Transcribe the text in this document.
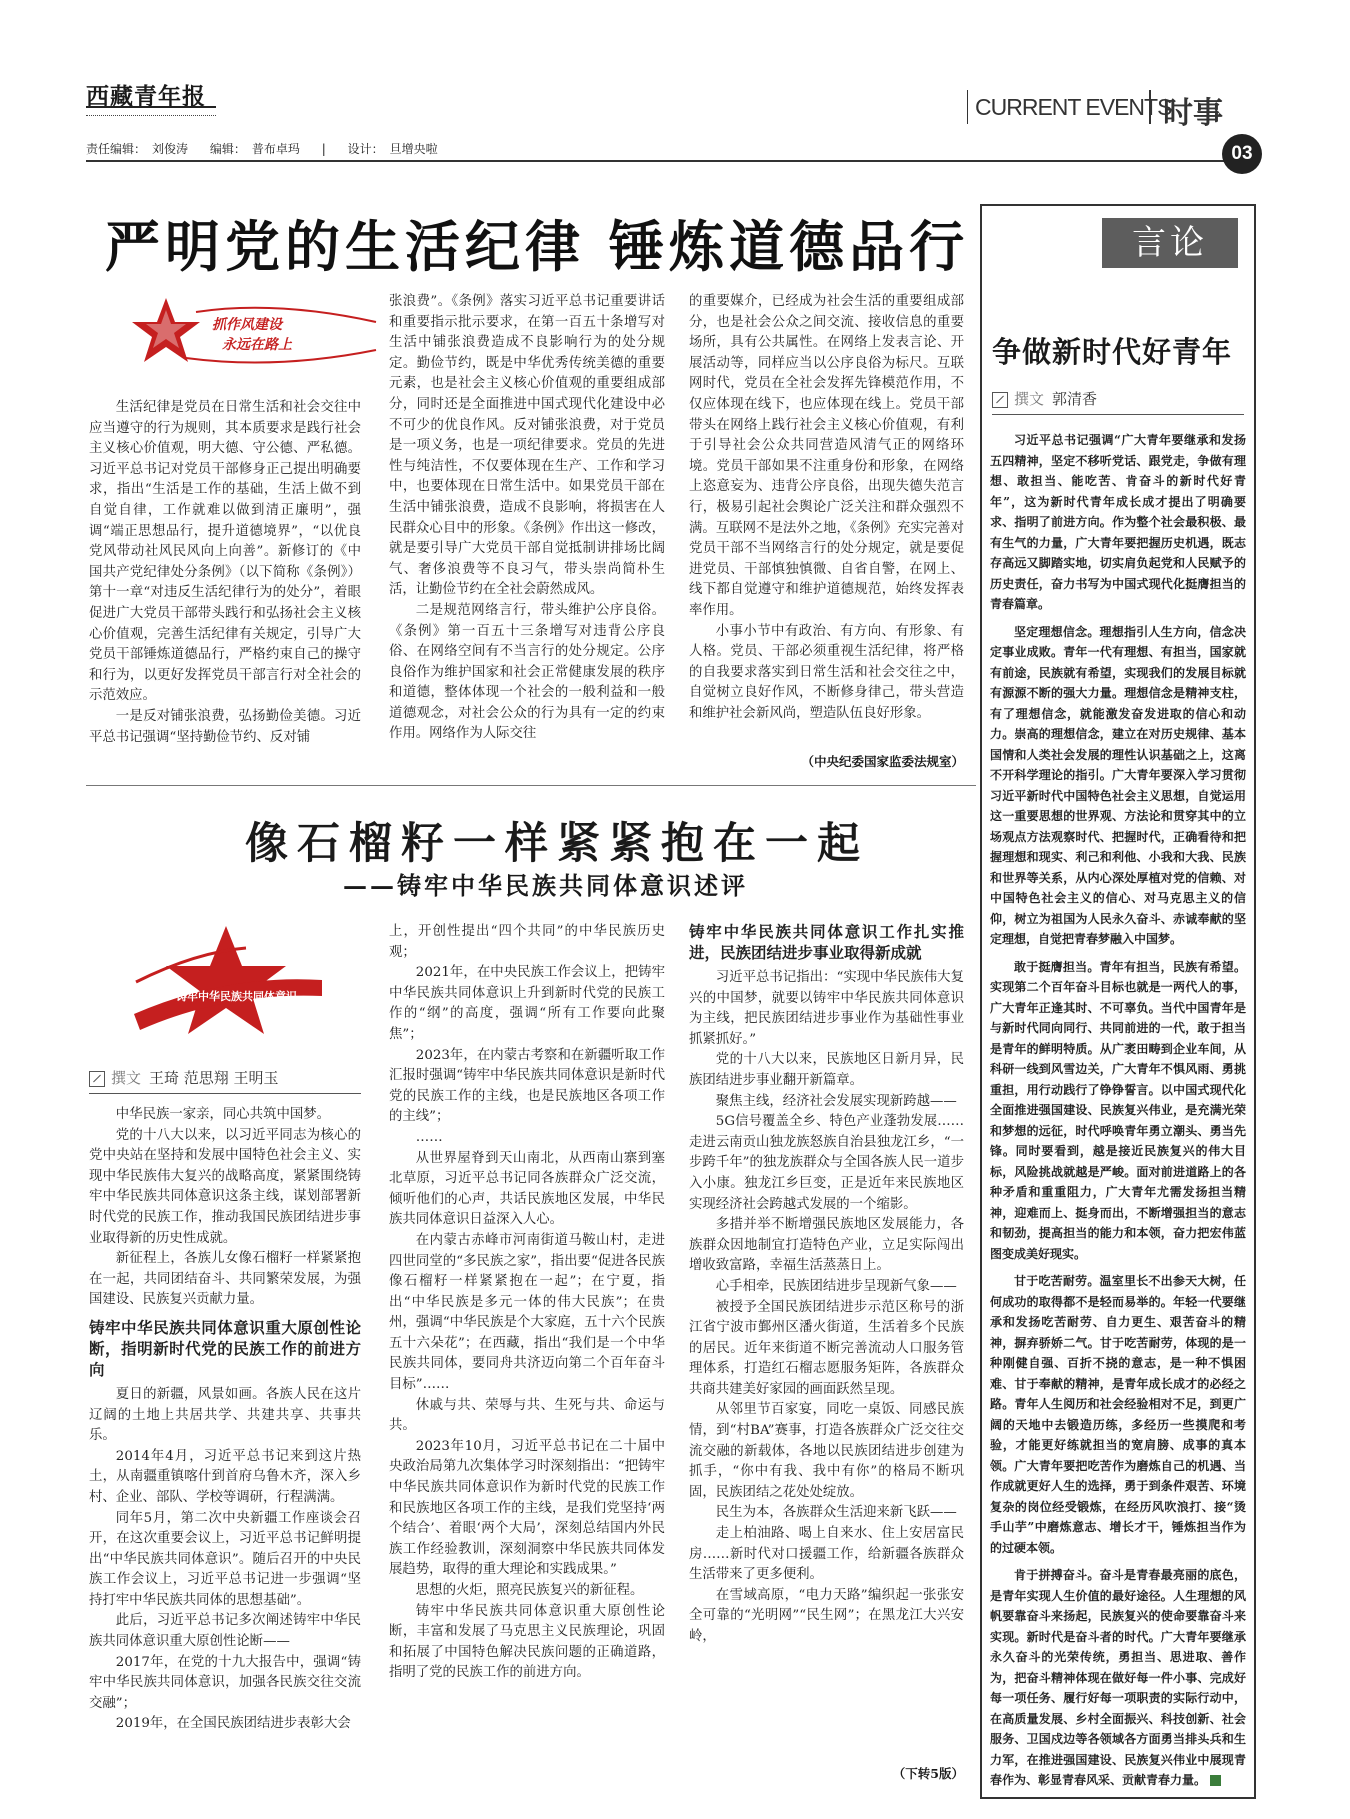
西藏青年报
责任编辑： 刘俊涛 编辑： 普布卓玛 | 设计： 旦增央啦
CURRENT EVENTS
时事
03
严明党的生活纪律 锤炼道德品行
抓作风建设
永远在路上

生活纪律是党员在日常生活和社会交往中应当遵守的行为规则，其本质要求是践行社会主义核心价值观，明大德、守公德、严私德。习近平总书记对党员干部修身正己提出明确要求，指出“生活是工作的基础，生活上做不到自觉自律，工作就难以做到清正廉明”，强调“端正思想品行，提升道德境界”，“以优良党风带动社风民风向上向善”。新修订的《中国共产党纪律处分条例》（以下简称《条例》）第十一章“对违反生活纪律行为的处分”，着眼促进广大党员干部带头践行和弘扬社会主义核心价值观，完善生活纪律有关规定，引导广大党员干部锤炼道德品行，严格约束自己的操守和行为，以更好发挥党员干部言行对全社会的示范效应。

一是反对铺张浪费，弘扬勤俭美德。习近平总书记强调“坚持勤俭节约、反对铺

张浪费”。《条例》落实习近平总书记重要讲话和重要指示批示要求，在第一百五十条增写对生活中铺张浪费造成不良影响行为的处分规定。勤俭节约，既是中华优秀传统美德的重要元素，也是社会主义核心价值观的重要组成部分，同时还是全面推进中国式现代化建设中必不可少的优良作风。反对铺张浪费，对于党员是一项义务，也是一项纪律要求。党员的先进性与纯洁性，不仅要体现在生产、工作和学习中，也要体现在日常生活中。如果党员干部在生活中铺张浪费，造成不良影响，将损害在人民群众心目中的形象。《条例》作出这一修改，就是要引导广大党员干部自觉抵制讲排场比阔气、奢侈浪费等不良习气，带头崇尚简朴生活，让勤俭节约在全社会蔚然成风。

二是规范网络言行，带头维护公序良俗。《条例》第一百五十三条增写对违背公序良俗、在网络空间有不当言行的处分规定。公序良俗作为维护国家和社会正常健康发展的秩序和道德，整体体现一个社会的一般利益和一般道德观念，对社会公众的行为具有一定的约束作用。网络作为人际交往

的重要媒介，已经成为社会生活的重要组成部分，也是社会公众之间交流、接收信息的重要场所，具有公共属性。在网络上发表言论、开展活动等，同样应当以公序良俗为标尺。互联网时代，党员在全社会发挥先锋模范作用，不仅应体现在线下，也应体现在线上。党员干部带头在网络上践行社会主义核心价值观，有利于引导社会公众共同营造风清气正的网络环境。党员干部如果不注重身份和形象，在网络上恣意妄为、违背公序良俗，出现失德失范言行，极易引起社会舆论广泛关注和群众强烈不满。互联网不是法外之地，《条例》充实完善对党员干部不当网络言行的处分规定，就是要促进党员、干部慎独慎微、自省自警，在网上、线下都自觉遵守和维护道德规范，始终发挥表率作用。

小事小节中有政治、有方向、有形象、有人格。党员、干部必须重视生活纪律，将严格的自我要求落实到日常生活和社会交往之中，自觉树立良好作风，不断修身律己，带头营造和维护社会新风尚，塑造队伍良好形象。

（中央纪委国家监委法规室）
像石榴籽一样紧紧抱在一起
——铸牢中华民族共同体意识述评
铸牢中华民族共同体意识
撰文 王琦 范思翔 王明玉

中华民族一家亲，同心共筑中国梦。

党的十八大以来，以习近平同志为核心的党中央站在坚持和发展中国特色社会主义、实现中华民族伟大复兴的战略高度，紧紧围绕铸牢中华民族共同体意识这条主线，谋划部署新时代党的民族工作，推动我国民族团结进步事业取得新的历史性成就。

新征程上，各族儿女像石榴籽一样紧紧抱在一起，共同团结奋斗、共同繁荣发展，为强国建设、民族复兴贡献力量。

铸牢中华民族共同体意识重大原创性论断，指明新时代党的民族工作的前进方向

夏日的新疆，风景如画。各族人民在这片辽阔的土地上共居共学、共建共享、共事共乐。

2014年4月，习近平总书记来到这片热土，从南疆重镇喀什到首府乌鲁木齐，深入乡村、企业、部队、学校等调研，行程满满。

同年5月，第二次中央新疆工作座谈会召开，在这次重要会议上，习近平总书记鲜明提出“中华民族共同体意识”。随后召开的中央民族工作会议上，习近平总书记进一步强调“坚持打牢中华民族共同体的思想基础”。

此后，习近平总书记多次阐述铸牢中华民族共同体意识重大原创性论断——

2017年，在党的十九大报告中，强调“铸牢中华民族共同体意识，加强各民族交往交流交融”；

2019年，在全国民族团结进步表彰大会

上，开创性提出“四个共同”的中华民族历史观；

2021年，在中央民族工作会议上，把铸牢中华民族共同体意识上升到新时代党的民族工作的“纲”的高度，强调“所有工作要向此聚焦”；

2023年，在内蒙古考察和在新疆听取工作汇报时强调“铸牢中华民族共同体意识是新时代党的民族工作的主线，也是民族地区各项工作的主线”；

……

从世界屋脊到天山南北，从西南山寨到塞北草原，习近平总书记同各族群众广泛交流，倾听他们的心声，共话民族地区发展，中华民族共同体意识日益深入人心。

在内蒙古赤峰市河南街道马鞍山村，走进四世同堂的“多民族之家”，指出要“促进各民族像石榴籽一样紧紧抱在一起”；在宁夏，指出“中华民族是多元一体的伟大民族”；在贵州，强调“中华民族是个大家庭，五十六个民族五十六朵花”；在西藏，指出“我们是一个中华民族共同体，要同舟共济迈向第二个百年奋斗目标”……

休戚与共、荣辱与共、生死与共、命运与共。

2023年10月，习近平总书记在二十届中央政治局第九次集体学习时深刻指出：“把铸牢中华民族共同体意识作为新时代党的民族工作和民族地区各项工作的主线，是我们党坚持‘两个结合’、着眼‘两个大局’，深刻总结国内外民族工作经验教训，深刻洞察中华民族共同体发展趋势，取得的重大理论和实践成果。”

思想的火炬，照亮民族复兴的新征程。

铸牢中华民族共同体意识重大原创性论断，丰富和发展了马克思主义民族理论，巩固和拓展了中国特色解决民族问题的正确道路，指明了党的民族工作的前进方向。

铸牢中华民族共同体意识工作扎实推进，民族团结进步事业取得新成就

习近平总书记指出：“实现中华民族伟大复兴的中国梦，就要以铸牢中华民族共同体意识为主线，把民族团结进步事业作为基础性事业抓紧抓好。”

党的十八大以来，民族地区日新月异，民族团结进步事业翻开新篇章。

聚焦主线，经济社会发展实现新跨越——

5G信号覆盖全乡、特色产业蓬勃发展……走进云南贡山独龙族怒族自治县独龙江乡，“一步跨千年”的独龙族群众与全国各族人民一道步入小康。独龙江乡巨变，正是近年来民族地区实现经济社会跨越式发展的一个缩影。

多措并举不断增强民族地区发展能力，各族群众因地制宜打造特色产业，立足实际闯出增收致富路，幸福生活蒸蒸日上。

心手相牵，民族团结进步呈现新气象——

被授予全国民族团结进步示范区称号的浙江省宁波市鄞州区潘火街道，生活着多个民族的居民。近年来街道不断完善流动人口服务管理体系，打造红石榴志愿服务矩阵，各族群众共商共建美好家园的画面跃然呈现。

从邻里节百家宴，同吃一桌饭、同感民族情，到“村BA”赛事，打造各族群众广泛交往交流交融的新载体，各地以民族团结进步创建为抓手，“你中有我、我中有你”的格局不断巩固，民族团结之花处处绽放。

民生为本，各族群众生活迎来新飞跃——

走上柏油路、喝上自来水、住上安居富民房……新时代对口援疆工作，给新疆各族群众生活带来了更多便利。

在雪域高原，“电力天路”编织起一张张安全可靠的“光明网”“民生网”；在黑龙江大兴安岭，

（下转5版）
言论
争做新时代好青年
撰文 郭清香

习近平总书记强调“广大青年要继承和发扬五四精神，坚定不移听党话、跟党走，争做有理想、敢担当、能吃苦、肯奋斗的新时代好青年”，这为新时代青年成长成才提出了明确要求、指明了前进方向。作为整个社会最积极、最有生气的力量，广大青年要把握历史机遇，既志存高远又脚踏实地，切实肩负起党和人民赋予的历史责任，奋力书写为中国式现代化挺膺担当的青春篇章。

坚定理想信念。理想指引人生方向，信念决定事业成败。青年一代有理想、有担当，国家就有前途，民族就有希望，实现我们的发展目标就有源源不断的强大力量。理想信念是精神支柱，有了理想信念，就能激发奋发进取的信心和动力。崇高的理想信念，建立在对历史规律、基本国情和人类社会发展的理性认识基础之上，这离不开科学理论的指引。广大青年要深入学习贯彻习近平新时代中国特色社会主义思想，自觉运用这一重要思想的世界观、方法论和贯穿其中的立场观点方法观察时代、把握时代，正确看待和把握理想和现实、利己和利他、小我和大我、民族和世界等关系，从内心深处厚植对党的信赖、对中国特色社会主义的信心、对马克思主义的信仰，树立为祖国为人民永久奋斗、赤诚奉献的坚定理想，自觉把青春梦融入中国梦。

敢于挺膺担当。青年有担当，民族有希望。实现第二个百年奋斗目标也就是一两代人的事，广大青年正逢其时、不可辜负。当代中国青年是与新时代同向同行、共同前进的一代，敢于担当是青年的鲜明特质。从广袤田畴到企业车间，从科研一线到风雪边关，广大青年不惧风雨、勇挑重担，用行动践行了铮铮誓言。以中国式现代化全面推进强国建设、民族复兴伟业，是充满光荣和梦想的远征，时代呼唤青年勇立潮头、勇当先锋。同时要看到，越是接近民族复兴的伟大目标，风险挑战就越是严峻。面对前进道路上的各种矛盾和重重阻力，广大青年尤需发扬担当精神，迎难而上、挺身而出，不断增强担当的意志和韧劲，提高担当的能力和本领，奋力把宏伟蓝图变成美好现实。

甘于吃苦耐劳。温室里长不出参天大树，任何成功的取得都不是轻而易举的。年轻一代要继承和发扬吃苦耐劳、自力更生、艰苦奋斗的精神，摒弃骄娇二气。甘于吃苦耐劳，体现的是一种刚健自强、百折不挠的意志，是一种不惧困难、甘于奉献的精神，是青年成长成才的必经之路。青年人生阅历和社会经验相对不足，到更广阔的天地中去锻造历练，多经历一些摸爬和考验，才能更好练就担当的宽肩膀、成事的真本领。广大青年要把吃苦作为磨炼自己的机遇、当作成就更好人生的选择，勇于到条件艰苦、环境复杂的岗位经受锻炼，在经历风吹浪打、接“烫手山芋”中磨炼意志、增长才干，锤炼担当作为的过硬本领。

肯于拼搏奋斗。奋斗是青春最亮丽的底色，是青年实现人生价值的最好途径。人生理想的风帆要靠奋斗来扬起，民族复兴的使命要靠奋斗来实现。新时代是奋斗者的时代。广大青年要继承永久奋斗的光荣传统，勇担当、思进取、善作为，把奋斗精神体现在做好每一件小事、完成好每一项任务、履行好每一项职责的实际行动中，在高质量发展、乡村全面振兴、科技创新、社会服务、卫国戍边等各领域各方面勇当排头兵和生力军，在推进强国建设、民族复兴伟业中展现青春作为、彰显青春风采、贡献青春力量。
